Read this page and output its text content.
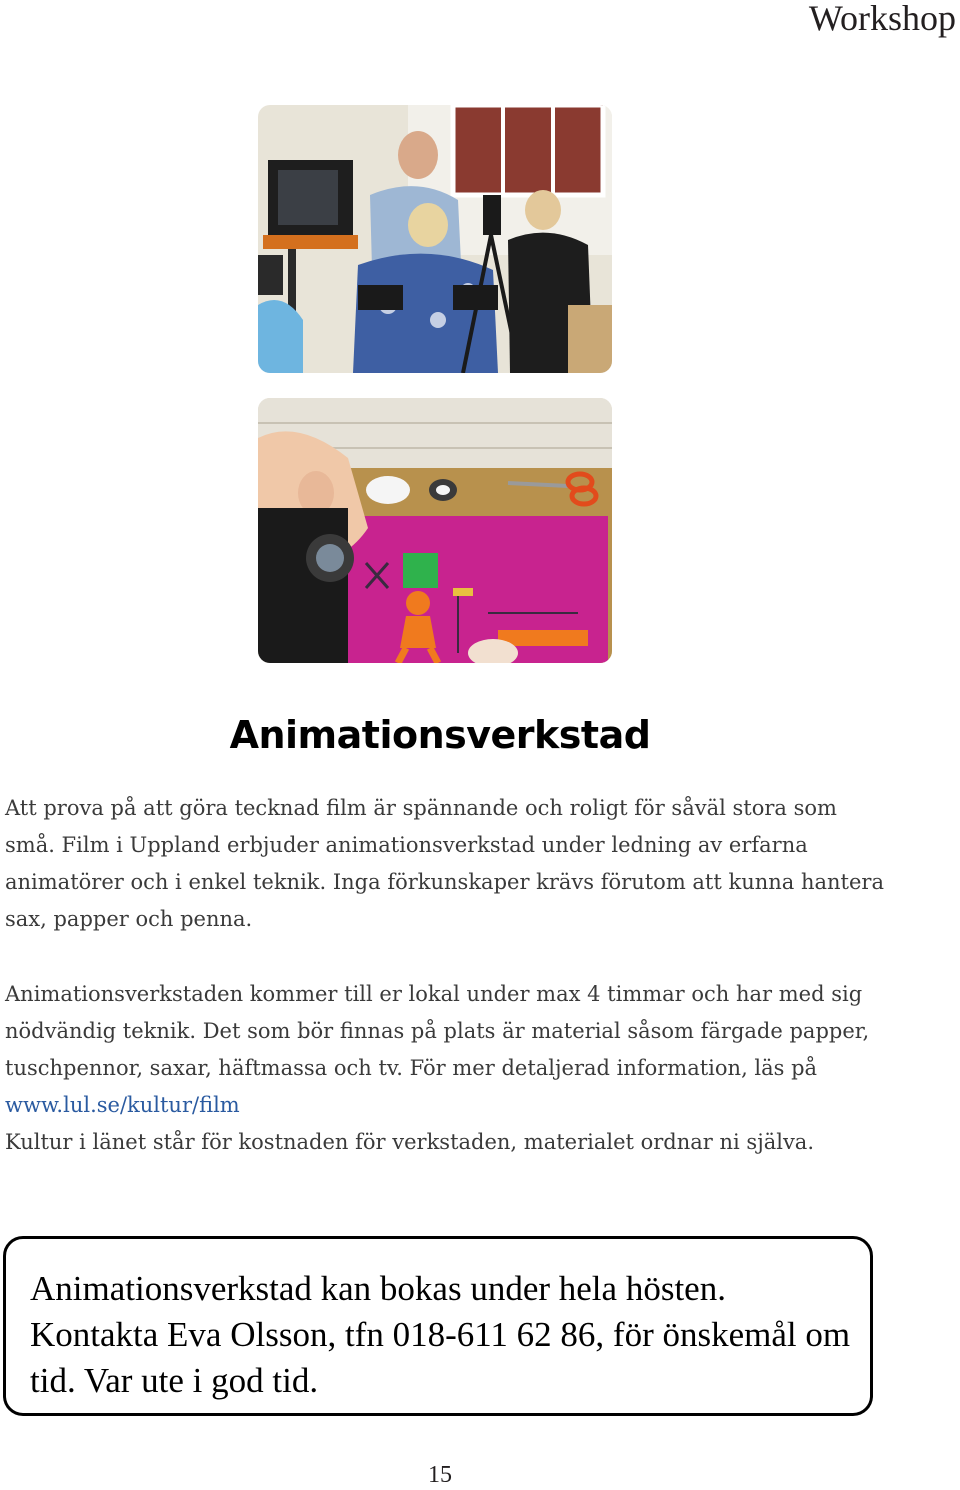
Workshop
Animationsverkstad

Att prova på att göra tecknad film är spännande och roligt för såväl stora som små. Film i Uppland erbjuder animationsverkstad under ledning av erfarna animatörer och i enkel teknik. Inga förkunskaper krävs förutom att kunna hantera sax, papper och penna.

Animationsverkstaden kommer till er lokal under max 4 timmar och har med sig nödvändig teknik. Det som bör finnas på plats är material såsom färgade papper, tuschpennor, saxar, häftmassa och tv. För mer detaljerad information, läs på www.lul.se/kultur/film

Kultur i länet står för kostnaden för verkstaden, materialet ordnar ni själva.

Animationsverkstad kan bokas under hela hösten. Kontakta Eva Olsson, tfn 018-611 62 86, för önskemål om tid. Var ute i god tid.

15
